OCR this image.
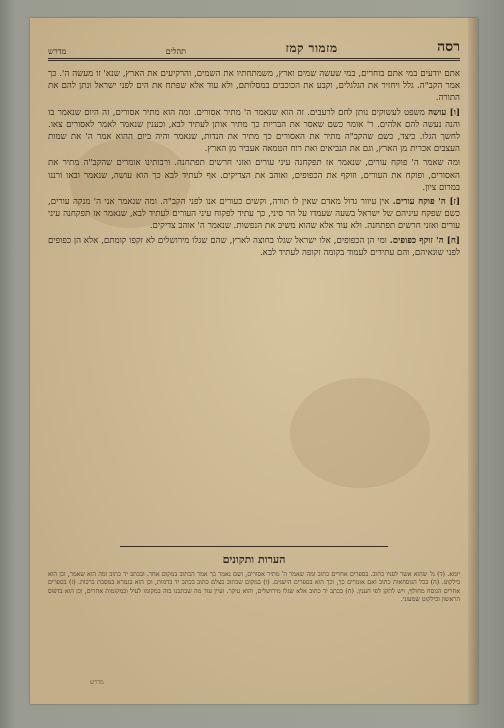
רסה
מזמור קמז
תהלים
מדרש

אתם יודעים במי אתם בוחרים, במי שעשה שמים וארץ, משמתחתיו את השמים, והרקיעים את הארץ, שנא' זו מעשה ה'. כך אמר הקב"ה. גלל ויחזיר את הגלגלים, וקבע את הכוכבים במסלותם, ולא עוד אלא שפתח את הים לפני ישראל ונתן להם את התורה.

[ו] עושה משפט לעשוקים נותן לחם לרעבים. זה הוא שנאמר ה' מתיר אסורים. ומה הוא מתיר אסורים, זה היום שנאמר בו והנה נעשה להם אלהים. ר' אומר כשם שאסר את הבריות כך מתיר אותן לעתיד לבא, וכענין שנאמר לאמר לאסורים צאו. לחשך הגלו. כיצד, כשם שהקב"ה מתיר את האסורים כך מתיר את הנדות, שנאמר והיה ביום ההוא אמר ה' את שמות העצבים אכרית מן הארץ, וגם את הנביאים ואת רוח הטמאה אעביר מן הארץ.

ומה שאמר ה' פוקח עורים, שנאמר אז תפקחנה עיני עורים ואזני חרשים תפתחנה. ורבותינו אומרים שהקב"ה מתיר את האסורים, ופוקח את העורים, וזוקף את הכפופים, ואוהב את הצדיקים. אף לעתיד לבא כך הוא עושה, שנאמר ובאו ורננו במרום ציון.

[ז] ה' פוקח עורים. אין עיוור גדול מאדם שאין לו תורה, וקשים כעורים אנו לפני הקב"ה. ומה שנאמר אני ה' מנקה עורים, כשם שפקח עיניהם של ישראל בשעה שעמדו על הר סיני, כך עתיד לפקוח עיני העורים לעתיד לבא, שנאמר אז תפקחנה עיני עורים ואזני חרשים תפתחנה. ולא עוד אלא שהוא משיב את הנפשות. שנאמר ה' אוהב צדיקים.

[ח] ה' זוקף כפופים. ומי הן הכפופים, אלו ישראל שגלו בחוצה לארץ, שהם שגלו מירושלים לא זקפו קומתם, אלא הן כפופים לפני שונאיהם, והם עתידים לעמוד בקומה זקופה לעתיד לבא.

הערות ותקונים
יומא. (ד) מ' שהוא אשר לפניו כתוב. בספרים אחרים כתוב ומה שאמר ה' מתיר אסורים, ושם נאמר כך אמר הכתוב במקום אחר. ובכתב יד כתוב ומה הוא שאמר, וכן הוא בילקוט. (ה) בכל הנוסחאות כתוב ואם אומרים כך, וכך הוא בספרים הישנים. (ו) במקום שכתוב בצלם כתוב בכתב יד בדמות, וכן הוא בגמרא במסכת ברכות. (ז) בספרים אחרים הנוסח מחולף, ויש לתקן לפי הענין. (ח) בכתב יד כתוב אלא שגלו מירושלים, והוא עיקר. ועיין עוד מה שכתבנו בזה במקומו לעיל ובמקומות אחרים, וכן הוא בדפוס הראשון ובילקוט שמעוני.
מדרש
